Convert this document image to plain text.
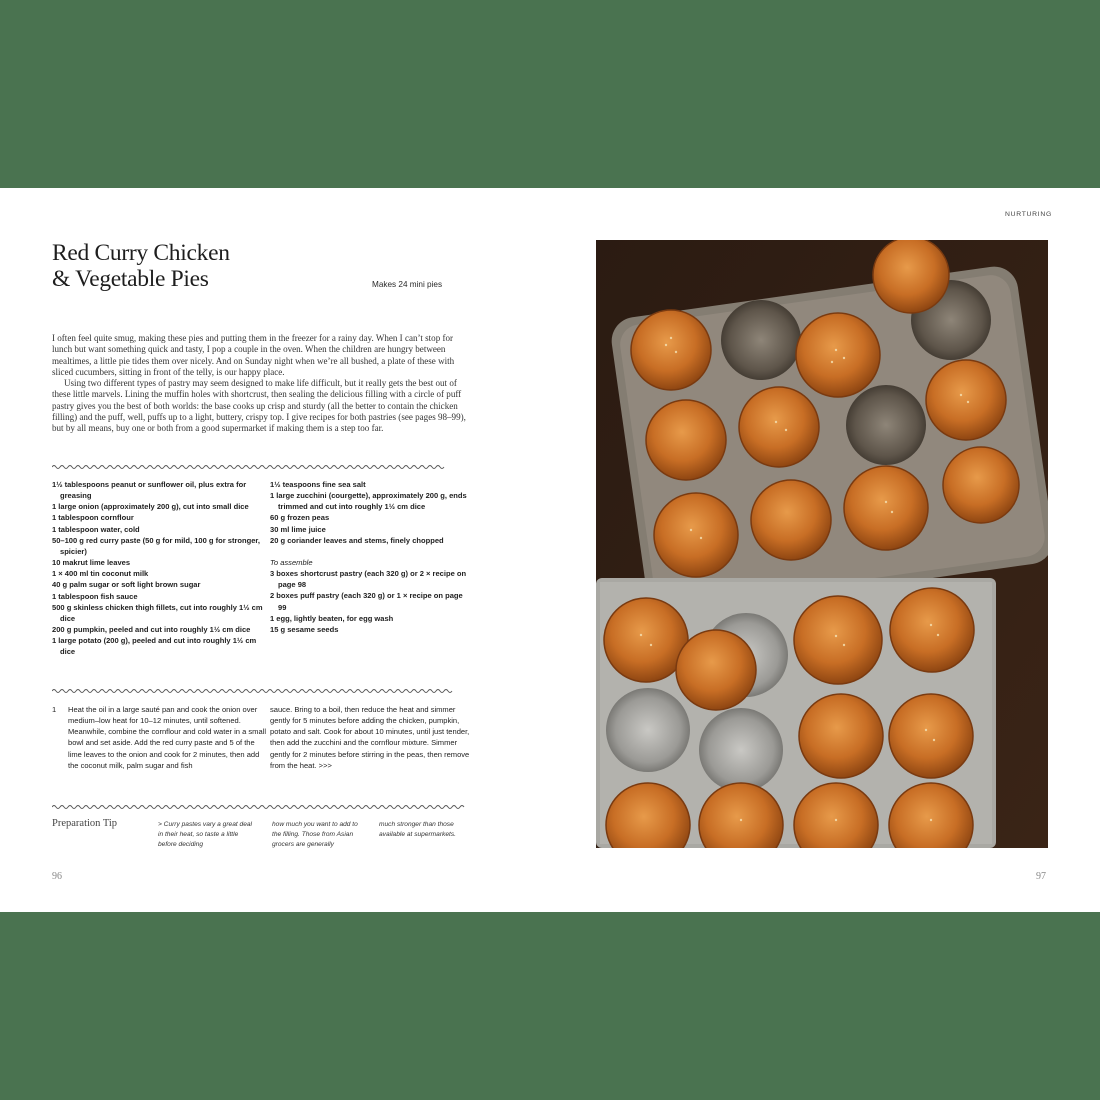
Red Curry Chicken
& Vegetable Pies	Makes 24 mini pies

I often feel quite smug, making these pies and putting them in the freezer for a rainy day. When I can’t stop for lunch but want something quick and tasty, I pop a couple in the oven. When the children are hungry between mealtimes, a little pie tides them over nicely. And on Sunday night when we’re all bushed, a plate of these with sliced cucumbers, sitting in front of the telly, is our happy place.

Using two different types of pastry may seem designed to make life difficult, but it really gets the best out of these little marvels. Lining the muffin holes with shortcrust, then sealing the delicious filling with a circle of puff pastry gives you the best of both worlds: the base cooks up crisp and sturdy (all the better to contain the chicken filling) and the puff, well, puffs up to a light, buttery, crispy top. I give recipes for both pastries (see pages 98–99), but by all means, buy one or both from a good supermarket if making them is a step too far.

1½ tablespoons peanut or sunflower oil, plus extra for greasing
1 large onion (approximately 200 g), cut into small dice
1 tablespoon cornflour
1 tablespoon water, cold
50–100 g red curry paste (50 g for mild, 100 g for stronger, spicier)
10 makrut lime leaves
1 × 400 ml tin coconut milk
40 g palm sugar or soft light brown sugar
1 tablespoon fish sauce
500 g skinless chicken thigh fillets, cut into roughly 1½ cm dice
200 g pumpkin, peeled and cut into roughly 1½ cm dice
1 large potato (200 g), peeled and cut into roughly 1½ cm dice
1½ teaspoons fine sea salt
1 large zucchini (courgette), approximately 200 g, ends trimmed and cut into roughly 1½ cm dice
60 g frozen peas
30 ml lime juice
20 g coriander leaves and stems, finely chopped
To assemble
3 boxes shortcrust pastry (each 320 g) or 2 × recipe on page 98
2 boxes puff pastry (each 320 g) or 1 × recipe on page 99
1 egg, lightly beaten, for egg wash
15 g sesame seeds
1	Heat the oil in a large sauté pan and cook the onion over medium–low heat for 10–12 minutes, until softened. Meanwhile, combine the cornflour and cold water in a small bowl and set aside. Add the red curry paste and 5 of the lime leaves to the onion and cook for 2 minutes, then add the coconut milk, palm sugar and fish
sauce. Bring to a boil, then reduce the heat and simmer gently for 5 minutes before adding the chicken, pumpkin, potato and salt. Cook for about 10 minutes, until just tender, then add the zucchini and the cornflour mixture. Simmer gently for 2 minutes before stirring in the peas, then remove from the heat. >>>
Preparation Tip	> Curry pastes vary a great deal in their heat, so taste a little before deciding
how much you want to add to the filling. Those from Asian grocers are generally
much stronger than those available at supermarkets.
96
NURTURING
97
